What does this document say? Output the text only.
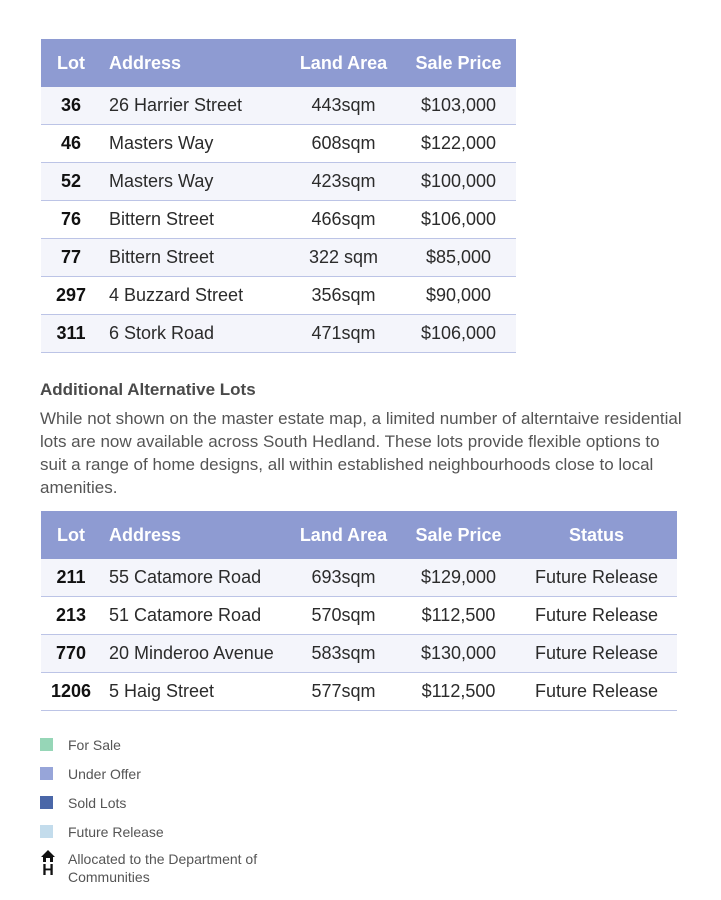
Lot	Address	Land Area	Sale Price
36	26 Harrier Street	443sqm	$103,000
46	Masters Way	608sqm	$122,000
52	Masters Way	423sqm	$100,000
76	Bittern Street	466sqm	$106,000
77	Bittern Street	322 sqm	$85,000
297	4 Buzzard Street	356sqm	$90,000
311	6 Stork Road	471sqm	$106,000
Additional Alternative Lots

While not shown on the master estate map, a limited number of alterntaive residential lots are now available across South Hedland. These lots provide flexible options to suit a range of home designs, all within established neighbourhoods close to local amenities.

Lot	Address	Land Area	Sale Price	Status
211	55 Catamore Road	693sqm	$129,000	Future Release
213	51 Catamore Road	570sqm	$112,500	Future Release
770	20 Minderoo Avenue	583sqm	$130,000	Future Release
1206	5 Haig Street	577sqm	$112,500	Future Release
For Sale
Under Offer
Sold Lots
Future Release
H
Allocated to the Department of
Communities
